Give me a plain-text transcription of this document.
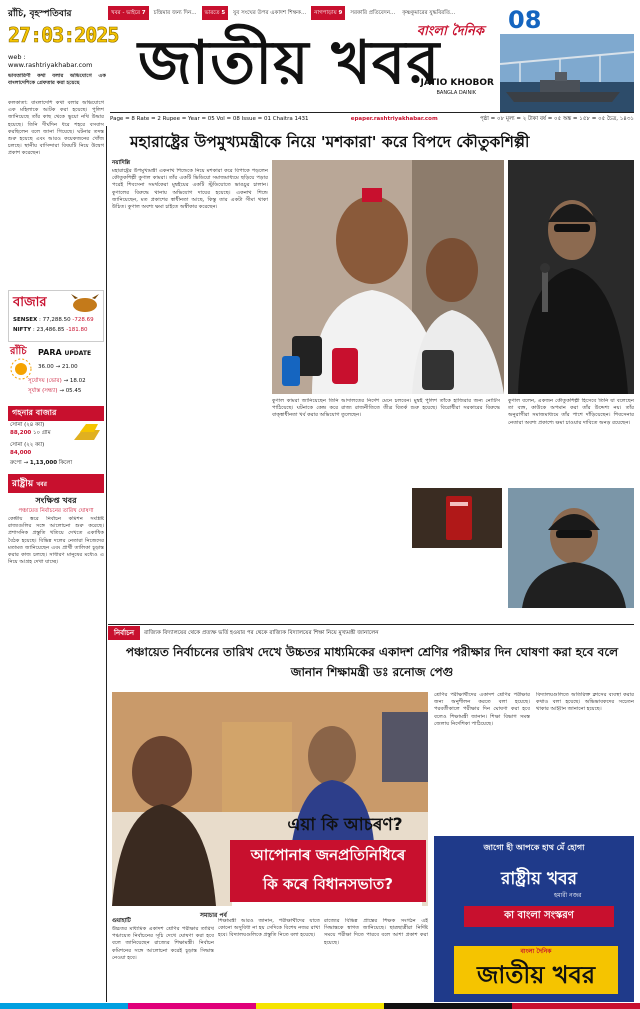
খবর - ভাইরে 7	চন্দ্রিমার জন্য দিন...	ভারতে 5	যুব সংঘের উপর একাদশ শিক্ষক...	নাগপাড়ায় 9	সরকারি প্রতিবেদন...	কৃষ্ণকুমারের যুদ্ধবিরতি...
রাঁচি, বৃহস্পতিবার
27:03:2025
web : www.rashtriyakhabar.com
ভাবতারিণী কথা বলার অভিযোগে এক বাংলাদেশিকে গ্রেফতার করা হয়েছে
বাংলা দৈনিক
জাতীয় খবর
JATIO KHOBOR
BANGLA DAINIK
08
Page = 8 Rate = 2 Rupee = Year = 05 Vol = 08 Issue = 01 Chaitra 1431	epaper.rashtriyakhabar.com	পৃষ্ঠা = ০৮ মূল্য = ২ টাকা বর্ষ = ০৫ অঙ্ক = ১৫৮ = ০৫ চৈত্র, ১৪৩১
কলকাতা: বাংলাদেশি কথা বলার অভিযোগে এক মহিলাকে আটক করা হয়েছে। পুলিশ জানিয়েছে তাঁর কাছ থেকে ভুয়ো নথি উদ্ধার হয়েছে। তিনি দীর্ঘদিন ধরে শহরে বসবাস করছিলেন বলে জানা গিয়েছে। ঘটনার তদন্ত শুরু হয়েছে এবং আরও কয়েকজনের খোঁজ চলছে। স্থানীয় বাসিন্দারা বিষয়টি নিয়ে উদ্বেগ প্রকাশ করেছেন।
বাজার
SENSEX : 77,288.50 -728.69
NIFTY : 23,486.85 -181.80
রাঁচি PARA UPDATE
36.00 → 21.00
সূর্যোদয় (ভোর) → 18.02
সূর্যাস্ত (সন্ধ্যা) → 05.45
গহনার বাজার
সোনা (২৪ ক্যা)
88,200 ১০ গ্রাম
সোনা (২২ ক্যা)
84,000
রুপো → 1,13,000 কিলো
রাষ্ট্রীয় খবর
সংক্ষিপ্ত খবর
পঞ্চায়েত নির্বাচনের তারিখ ঘোষণা
কেন্দ্রীয় স্তরে নির্বাচন কমিশন সংশ্লিষ্ট রাজ্যগুলির সঙ্গে আলোচনা শুরু করেছে। প্রশাসনিক প্রস্তুতি খতিয়ে দেখতে একাধিক বৈঠক হয়েছে। বিভিন্ন দলের নেতারা নিজেদের মতামত জানিয়েছেন এবং প্রার্থী তালিকা চূড়ান্ত করার কাজ চলছে। সাধারণ মানুষের মধ্যেও এ নিয়ে আগ্রহ দেখা যাচ্ছে।
মহারাষ্ট্রের উপমুখ্যমন্ত্রীকে নিয়ে 'মশকারা' করে বিপদে কৌতুকশিল্পী
নয়াদিল্লি
মহারাষ্ট্রের উপমুখ্যমন্ত্রী একনাথ শিন্ডেকে নিয়ে মশকারা করে বিপাকে পড়লেন কৌতুকশিল্পী কুণাল কামরা। তাঁর একটি ভিডিয়ো সমাজমাধ্যমে ছড়িয়ে পড়ার পরেই শিবসেনা সমর্থকেরা মুম্বইয়ের একটি স্টুডিয়োতে ভাঙচুর চালান। কুণালের বিরুদ্ধে থানায় অভিযোগ দায়ের হয়েছে। একনাথ শিন্ডে জানিয়েছেন, মত প্রকাশের স্বাধীনতা আছে, কিন্তু তার একটা সীমা থাকা উচিত। কুণাল অবশ্য ক্ষমা চাইতে অস্বীকার করেছেন।
কুণাল কামরা জানিয়েছেন তিনি আদালতের নির্দেশ মেনে চলবেন। মুম্বই পুলিশ তাঁকে হাজিরার জন্য নোটিস পাঠিয়েছে। ঘটনাকে কেন্দ্র করে রাজ্য রাজনীতিতে তীব্র বিতর্ক শুরু হয়েছে। বিরোধীরা সরকারের বিরুদ্ধে বাক্‌স্বাধীনতা খর্ব করার অভিযোগ তুলেছেন।
কুণাল বলেন, একজন কৌতুকশিল্পী হিসেবে তিনি যা বলেছেন তা ব্যঙ্গ, কাউকে অপমান করা তাঁর উদ্দেশ্য নয়। তাঁর অনুরাগীরা সমাজমাধ্যমে তাঁর পাশে দাঁড়িয়েছেন। শিবসেনার নেতারা অবশ্য প্রকাশ্যে ক্ষমা চাওয়ার দাবিতে অনড় রয়েছেন।
নির্বাচন	রাজ্যিক বিদ্যালয়ের থেকে প্রত্যক্ষ ভর্তি হওয়ার পর থেকে রাজ্যিক বিদ্যালয়ের শিক্ষা নিয়ে মুখ্যমন্ত্রী জানালেন
পঞ্চায়েত নির্বাচনের তারিখ দেখে উচ্চতর মাধ্যমিকের একাদশ শ্রেণির পরীক্ষার দিন ঘোষণা করা হবে বলে জানান শিক্ষামন্ত্রী ডঃ রনোজ পেগু
এয়া কি আচৰণ?
আপোনাৰ জনপ্ৰতিনিধিৰে
কি কৰে বিধানসভাত?
সমাচার পর্ব
গুয়াহাটি
উচ্চতর মাধ্যমিক একাদশ শ্রেণির পরীক্ষার তারিখ পঞ্চায়েত নির্বাচনের সূচি দেখে ঘোষণা করা হবে বলে জানিয়েছেন রাজ্যের শিক্ষামন্ত্রী। নির্বাচন কমিশনের সঙ্গে আলোচনা করেই চূড়ান্ত সিদ্ধান্ত নেওয়া হবে।
শিক্ষামন্ত্রী আরও জানান, পরীক্ষার্থীদের যাতে কোনো অসুবিধা না হয় সেদিকে বিশেষ নজর রাখা হবে। বিদ্যালয়গুলিকে প্রস্তুতি নিতে বলা হয়েছে।
রাজ্যের বিভিন্ন প্রান্তের শিক্ষক সংগঠন এই সিদ্ধান্তকে স্বাগত জানিয়েছে। ছাত্রছাত্রীরা নির্দিষ্ট সময়ে পরীক্ষা দিতে পারবে বলে আশা প্রকাশ করা হয়েছে।
শ্রেণির পরীক্ষার্থীদের একাদশ শ্রেণির পরীক্ষার জন্য অনুশীলন করতে বলা হয়েছে। পরবর্তীকালে পরীক্ষার দিন ঘোষণা করা হবে বলেও শিক্ষামন্ত্রী জানান। শিক্ষা বিভাগ সমস্ত জেলায় নির্দেশিকা পাঠিয়েছে।
বিদ্যালয়গুলিতে অতিরিক্ত ক্লাসের ব্যবস্থা করার কথাও বলা হয়েছে। অভিভাবকদের সচেতন থাকার আহ্বান জানানো হয়েছে।
জাগো হী আপকে হাথ মেঁ হোগা
রাষ্ট্রীয় খবর
হমারী নজর
কা বাংলা সংস্করণ
বাংলা দৈনিক
জাতীয় খবর
